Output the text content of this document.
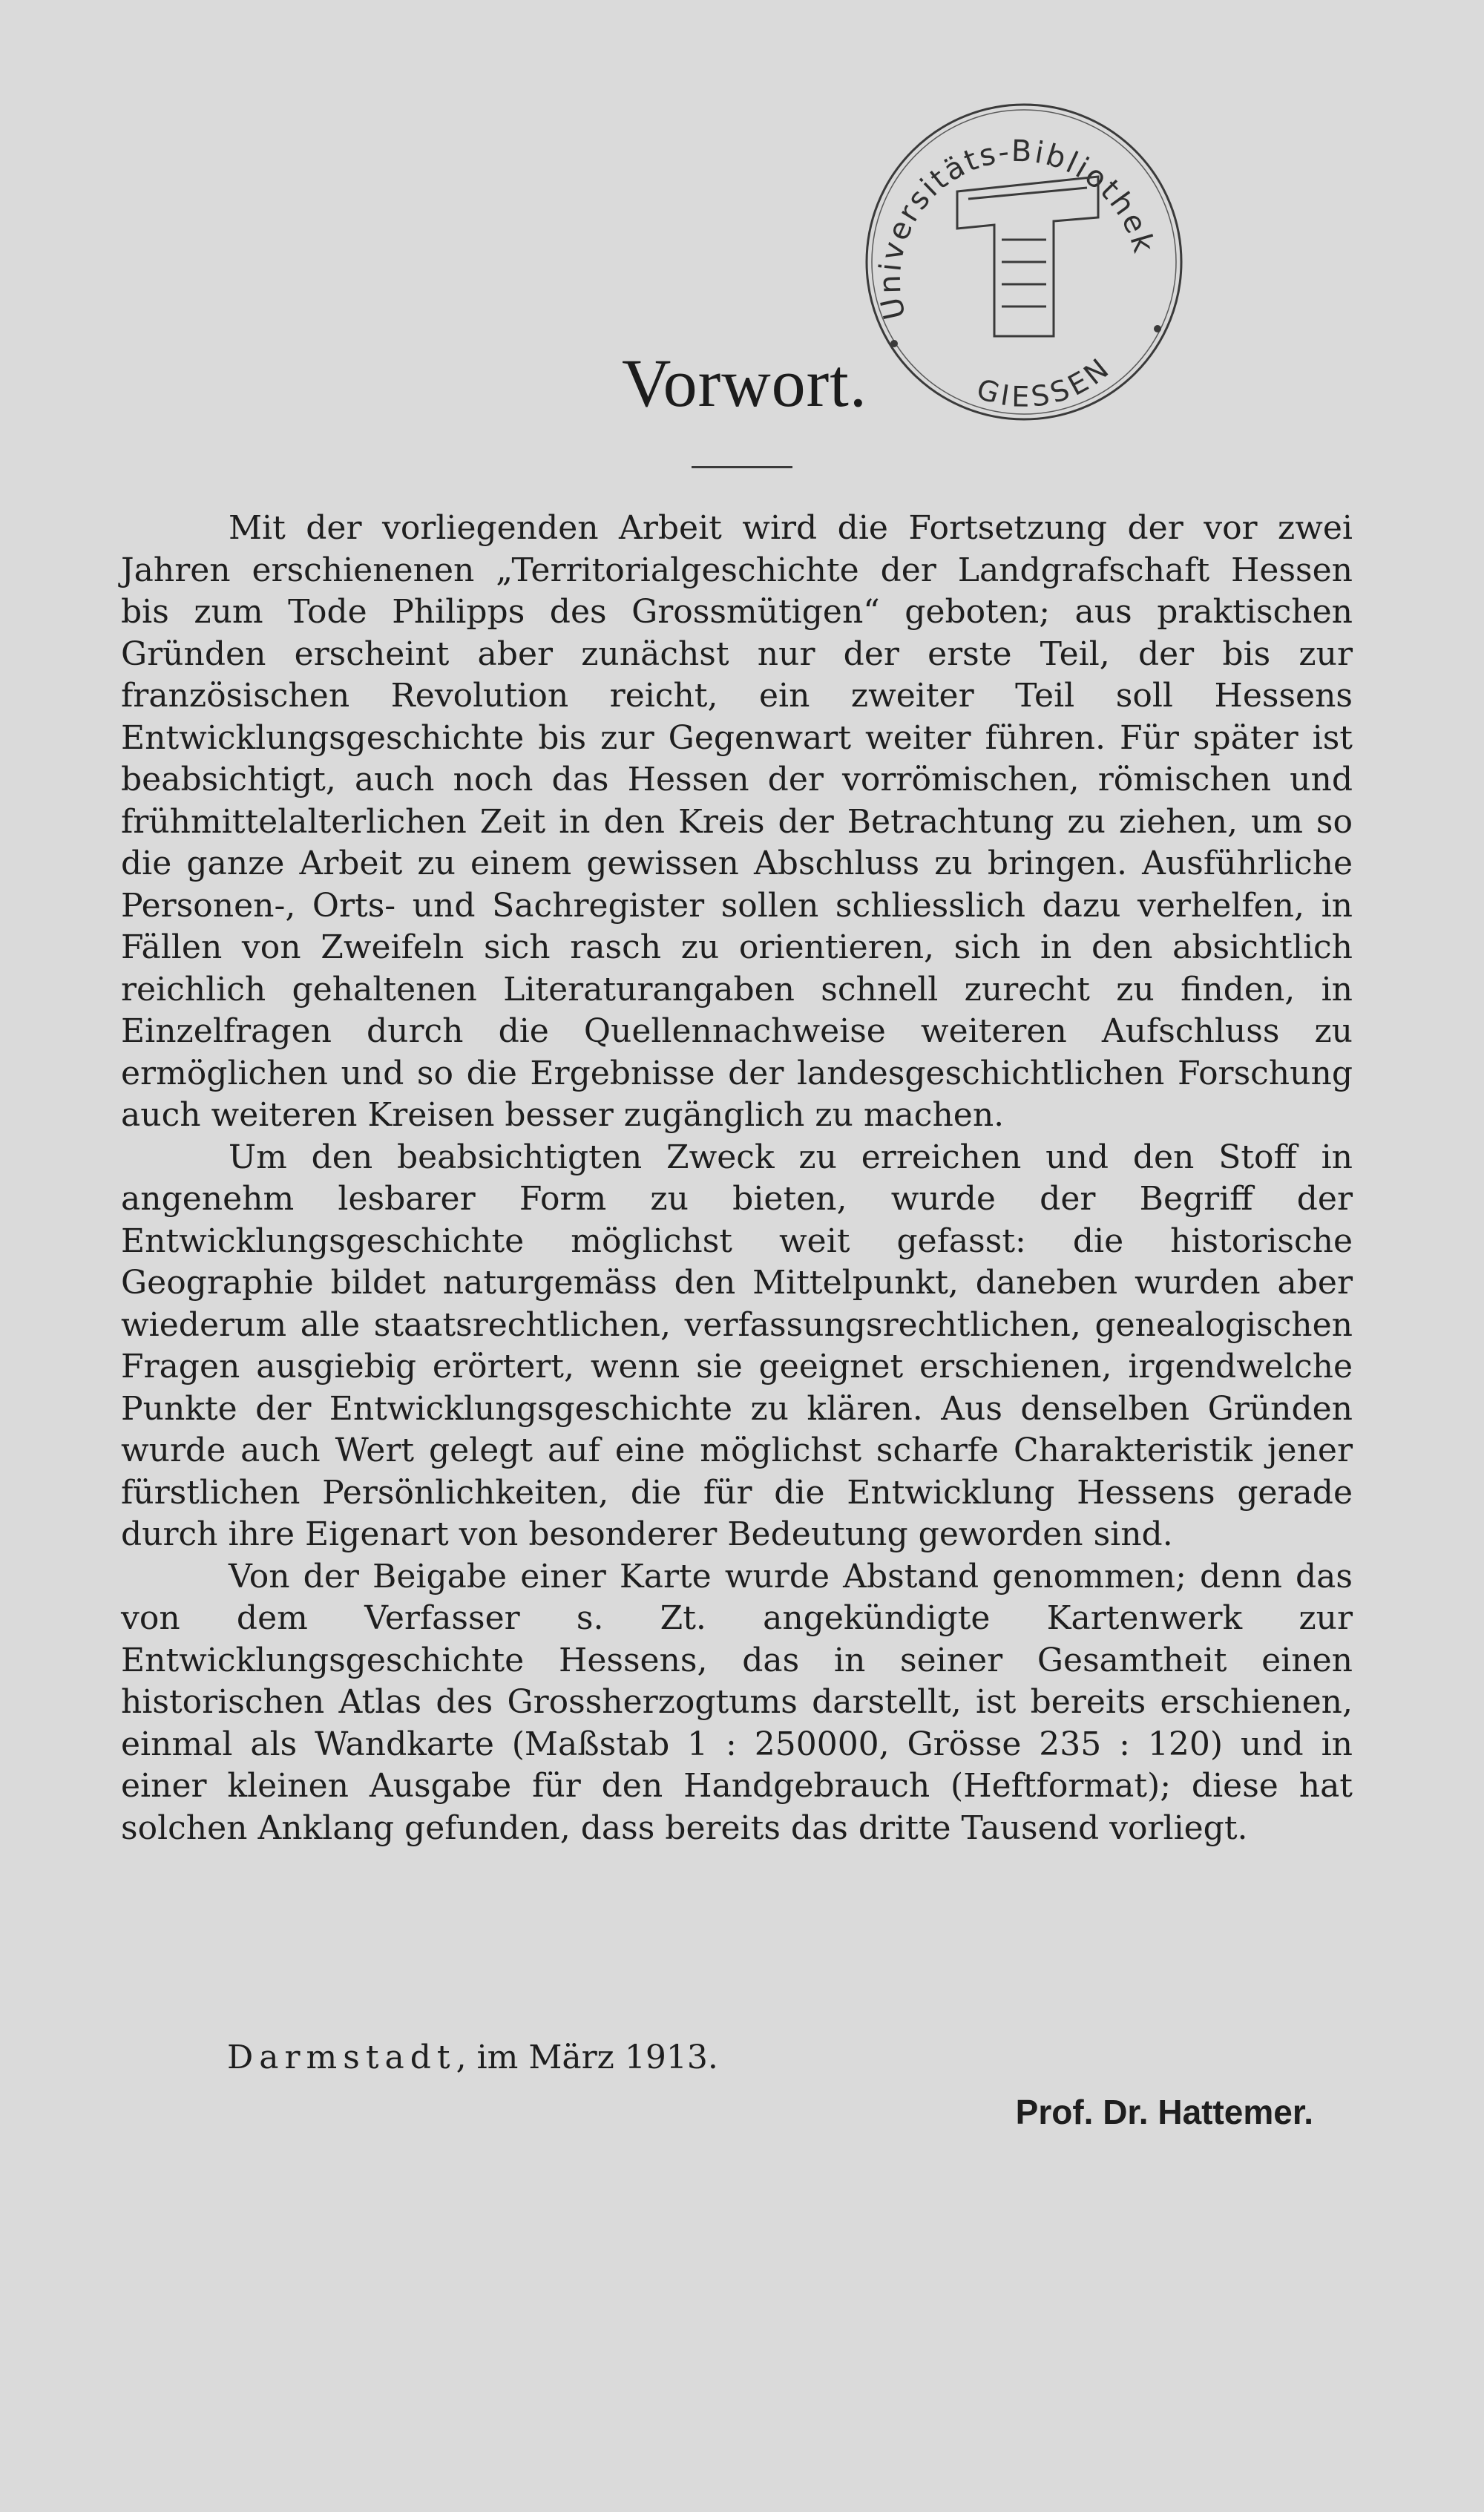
Vorwort.
Universitäts-Bibliothek
GIESSEN

Mit der vorliegenden Arbeit wird die Fortsetzung der vor zwei Jahren erschienenen „Territorialgeschichte der Landgrafschaft Hessen bis zum Tode Philipps des Grossmütigen“ geboten; aus praktischen Gründen erscheint aber zunächst nur der erste Teil, der bis zur französischen Revolution reicht, ein zweiter Teil soll Hessens Entwicklungsgeschichte bis zur Gegenwart weiter führen. Für später ist beabsichtigt, auch noch das Hessen der vorrömischen, römischen und frühmittelalterlichen Zeit in den Kreis der Betrachtung zu ziehen, um so die ganze Arbeit zu einem gewissen Abschluss zu bringen. Ausführliche Personen-, Orts- und Sachregister sollen schliesslich dazu verhelfen, in Fällen von Zweifeln sich rasch zu orientieren, sich in den absichtlich reichlich gehaltenen Literaturangaben schnell zurecht zu finden, in Einzelfragen durch die Quellennachweise weiteren Aufschluss zu ermöglichen und so die Ergebnisse der landesgeschichtlichen Forschung auch weiteren Kreisen besser zugänglich zu machen.

Um den beabsichtigten Zweck zu erreichen und den Stoff in angenehm lesbarer Form zu bieten, wurde der Begriff der Entwicklungsgeschichte möglichst weit gefasst: die historische Geographie bildet naturgemäss den Mittelpunkt, daneben wurden aber wiederum alle staatsrechtlichen, verfassungsrechtlichen, genealogischen Fragen ausgiebig erörtert, wenn sie geeignet erschienen, irgendwelche Punkte der Entwicklungsgeschichte zu klären. Aus denselben Gründen wurde auch Wert gelegt auf eine möglichst scharfe Charakteristik jener fürstlichen Persönlichkeiten, die für die Entwicklung Hessens gerade durch ihre Eigenart von besonderer Bedeutung geworden sind.

Von der Beigabe einer Karte wurde Abstand genommen; denn das von dem Verfasser s. Zt. angekündigte Kartenwerk zur Entwicklungsgeschichte Hessens, das in seiner Gesamtheit einen historischen Atlas des Grossherzogtums darstellt, ist bereits erschienen, einmal als Wandkarte (Maßstab 1 : 250000, Grösse 235 : 120) und in einer kleinen Ausgabe für den Handgebrauch (Heftformat); diese hat solchen Anklang gefunden, dass bereits das dritte Tausend vorliegt.

Darmstadt, im März 1913.
Prof. Dr. Hattemer.
